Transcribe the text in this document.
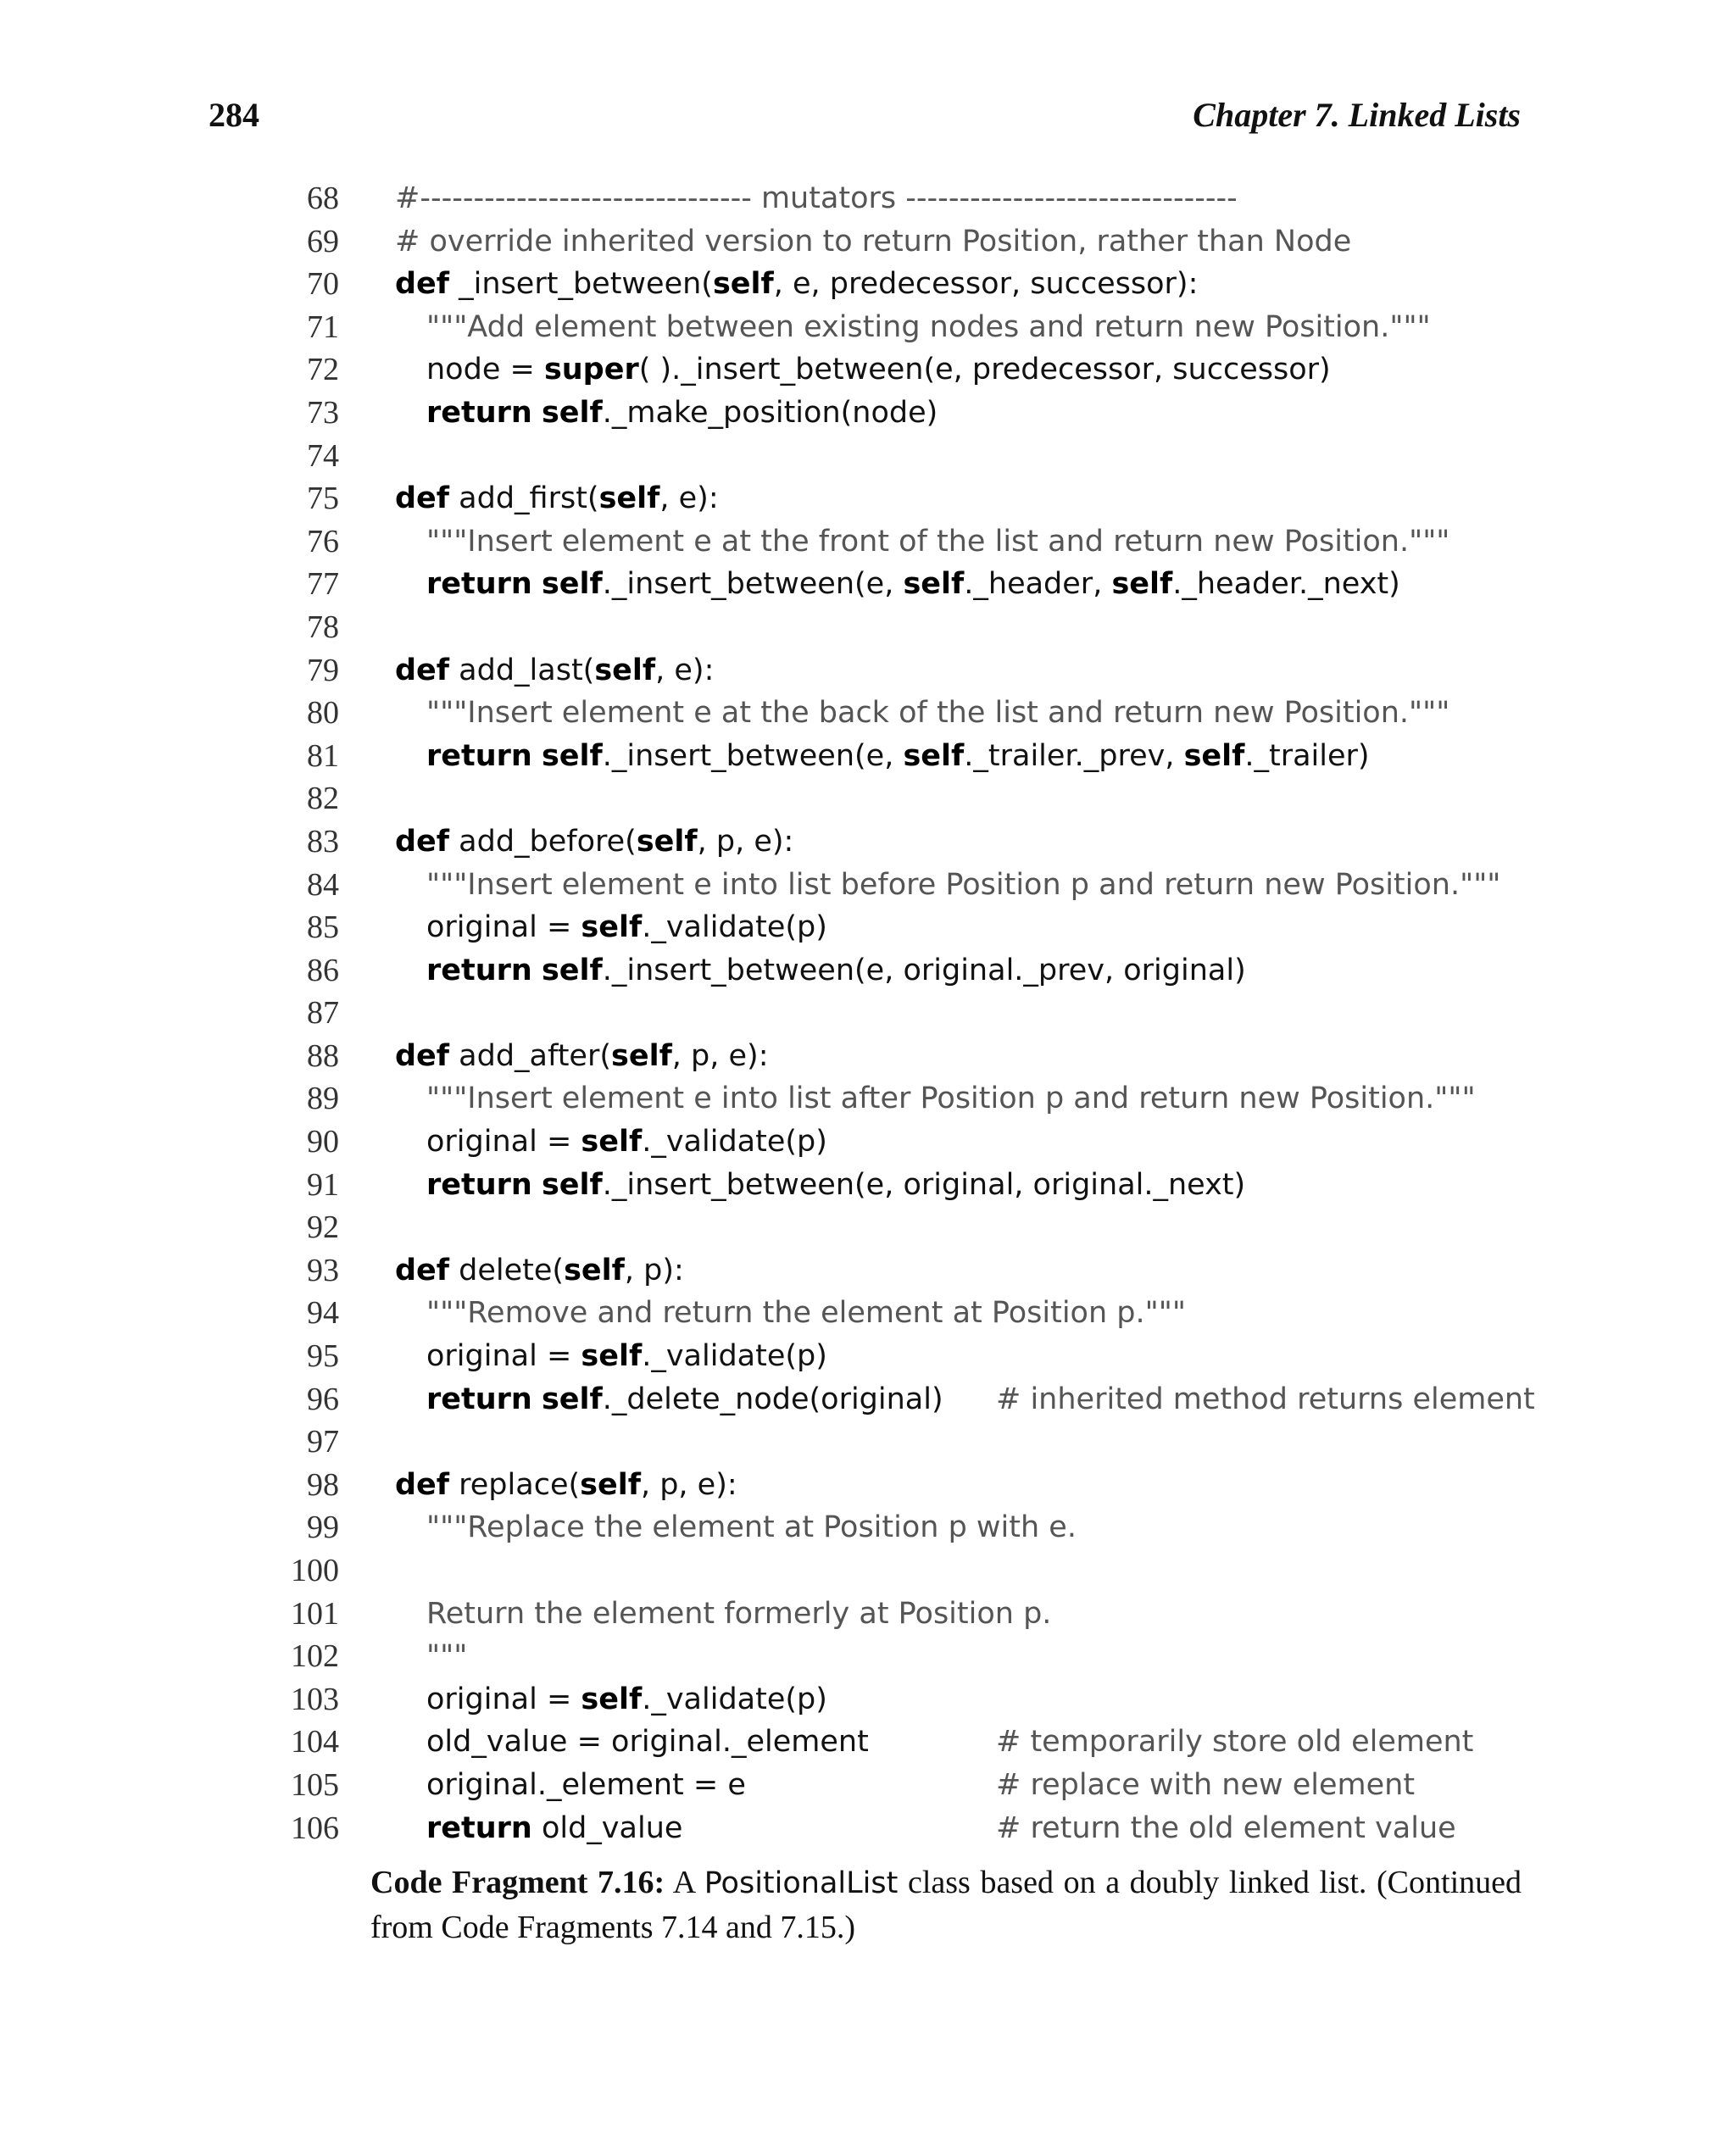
284	Chapter 7. Linked Lists
68 #------------------------------- mutators -------------------------------
69 # override inherited version to return Position, rather than Node
70 def _insert_between(self, e, predecessor, successor):
71	"""Add element between existing nodes and return new Position."""
72	node = super( )._insert_between(e, predecessor, successor)
73	return self._make_position(node)
74
75 def add_first(self, e):
76	"""Insert element e at the front of the list and return new Position."""
77	return self._insert_between(e, self._header, self._header._next)
78
79 def add_last(self, e):
80	"""Insert element e at the back of the list and return new Position."""
81	return self._insert_between(e, self._trailer._prev, self._trailer)
82
83 def add_before(self, p, e):
84	"""Insert element e into list before Position p and return new Position."""
85	original = self._validate(p)
86	return self._insert_between(e, original._prev, original)
87
88 def add_after(self, p, e):
89	"""Insert element e into list after Position p and return new Position."""
90	original = self._validate(p)
91	return self._insert_between(e, original, original._next)
92
93 def delete(self, p):
94	"""Remove and return the element at Position p."""
95	original = self._validate(p)
96	return self._delete_node(original) # inherited method returns element
97
98 def replace(self, p, e):
99	"""Replace the element at Position p with e.
100
101	Return the element formerly at Position p.
102	"""
103	original = self._validate(p)
104	old_value = original._element	# temporarily store old element
105	original._element = e	# replace with new element
106	return old_value	# return the old element value
Code Fragment 7.16: A PositionalList class based on a doubly linked list. (Continued from Code Fragments 7.14 and 7.15.)
